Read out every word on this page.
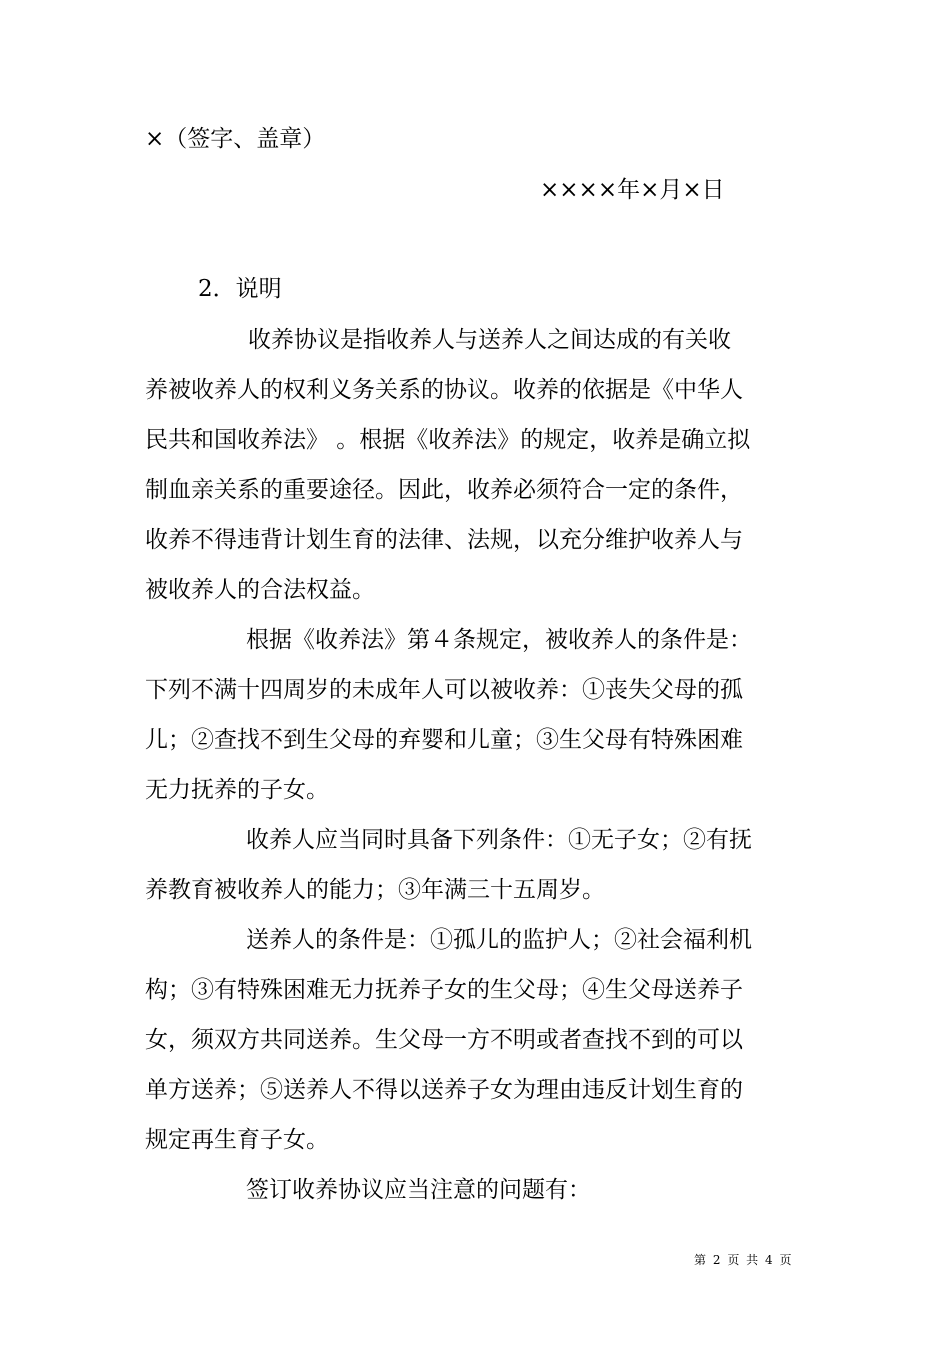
×（签字、盖章）
××××年×月×日
2．说明
收养协议是指收养人与送养人之间达成的有关收
养被收养人的权利义务关系的协议。收养的依据是《中华人
民共和国收养法》 。根据《收养法》的规定，收养是确立拟
制血亲关系的重要途径。因此，收养必须符合一定的条件，
收养不得违背计划生育的法律、法规，以充分维护收养人与
被收养人的合法权益。
根据《收养法》第４条规定，被收养人的条件是：
下列不满十四周岁的未成年人可以被收养：①丧失父母的孤
儿；②查找不到生父母的弃婴和儿童；③生父母有特殊困难
无力抚养的子女。
收养人应当同时具备下列条件：①无子女；②有抚
养教育被收养人的能力；③年满三十五周岁。
送养人的条件是：①孤儿的监护人；②社会福利机
构；③有特殊困难无力抚养子女的生父母；④生父母送养子
女，须双方共同送养。生父母一方不明或者查找不到的可以
单方送养；⑤送养人不得以送养子女为理由违反计划生育的
规定再生育子女。
签订收养协议应当注意的问题有：
第 2 页 共 4 页
